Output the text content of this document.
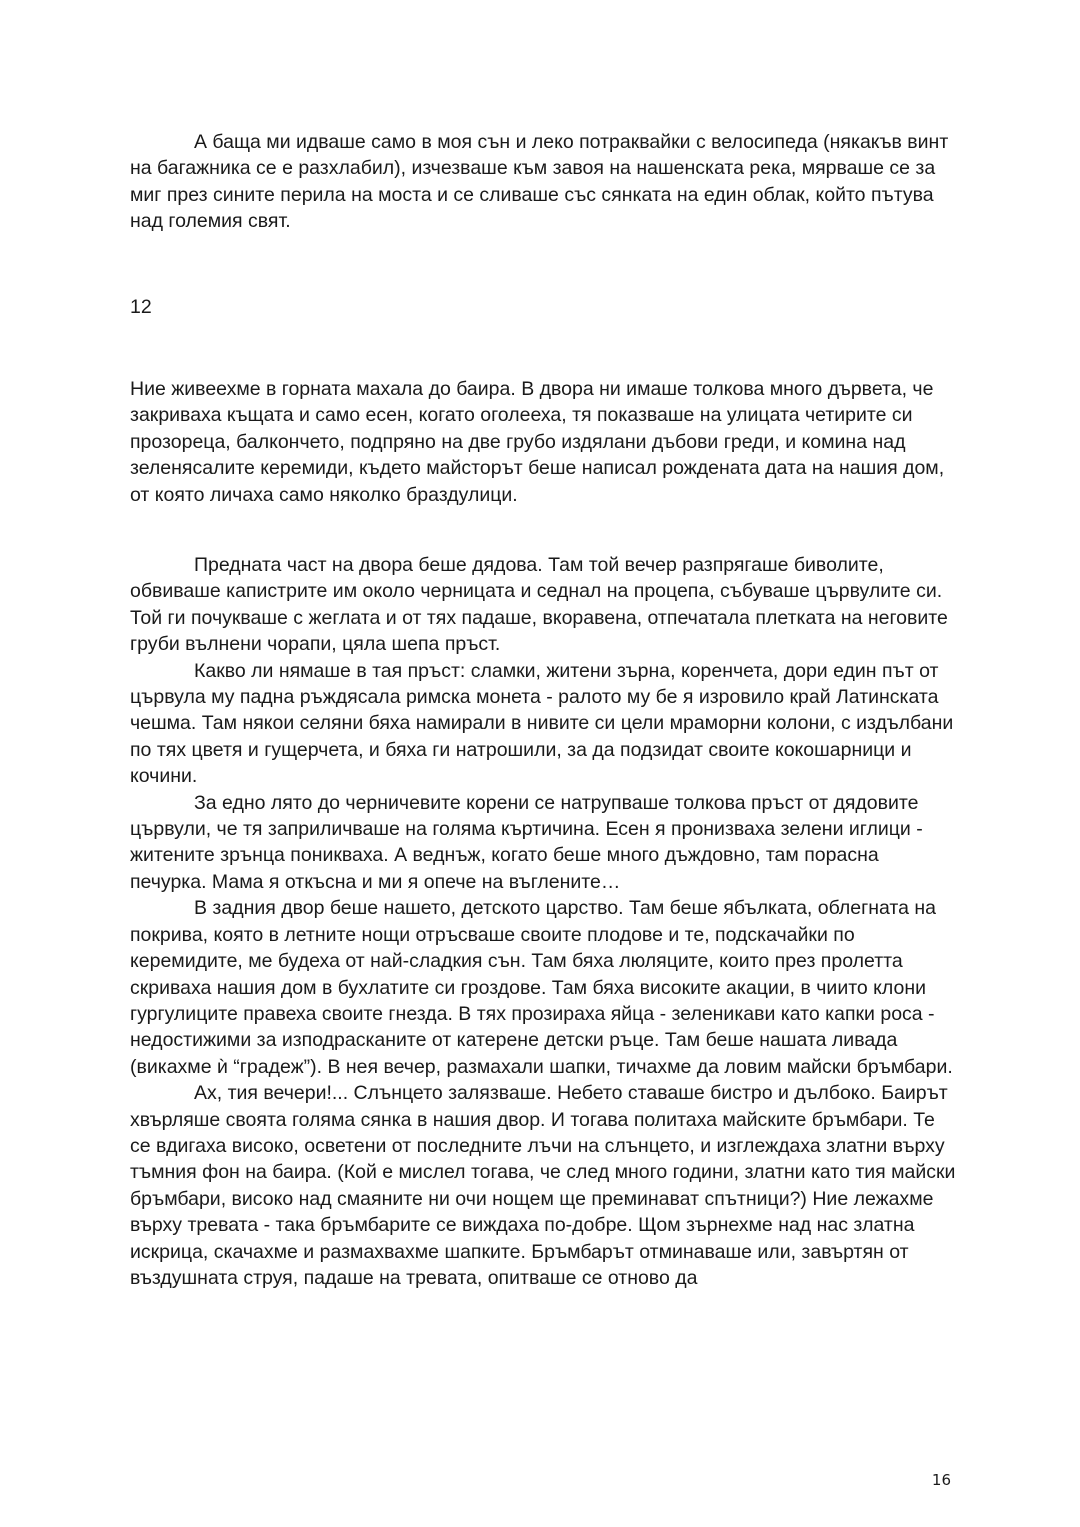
А баща ми идваше само в моя сън и леко потраквайки с велосипеда (някакъв винт на багажника се е разхлабил), изчезваше към завоя на нашенската река, мярваше се за миг през сините перила на моста и се сливаше със сянката на един облак, който пътува над големия свят.

12

Ние живеехме в горната махала до баира. В двора ни имаше толкова много дървета, че закриваха къщата и само есен, когато оголееха, тя показваше на улицата четирите си прозореца, балкончето, подпряно на две грубо издялани дъбови греди, и комина над зеленясалите керемиди, където майсторът беше написал рождената дата на нашия дом, от която личаха само няколко браздулици.

Предната част на двора беше дядова. Там той вечер разпрягаше биволите, обвиваше капистрите им около черницата и седнал на процепа, събуваше цървулите си. Той ги почукваше с жеглата и от тях падаше, вкоравена, отпечатала плетката на неговите груби вълнени чорапи, цяла шепа пръст.

Какво ли нямаше в тая пръст: сламки, житени зърна, коренчета, дори един път от цървула му падна ръждясала римска монета - ралото му бе я изровило край Латинската чешма. Там някои селяни бяха намирали в нивите си цели мраморни колони, с издълбани по тях цветя и гущерчета, и бяха ги натрошили, за да подзидат своите кокошарници и кочини.

За едно лято до черничевите корени се натрупваше толкова пръст от дядовите цървули, че тя заприличваше на голяма къртичина. Есен я пронизваха зелени иглици - житените зрънца поникваха. А веднъж, когато беше много дъждовно, там порасна печурка. Мама я откъсна и ми я опече на въглените…

В задния двор беше нашето, детското царство. Там беше ябълката, облегната на покрива, която в летните нощи отръсваше своите плодове и те, подскачайки по керемидите, ме будеха от най-сладкия сън. Там бяха люляците, които през пролетта скриваха нашия дом в бухлатите си гроздове. Там бяха високите акации, в чиито клони гургулиците правеха своите гнезда. В тях прозираха яйца - зеленикави като капки роса - недостижими за изподрасканите от катерене детски ръце. Там беше нашата ливада (викахме ѝ “градеж”). В нея вечер, размахали шапки, тичахме да ловим майски бръмбари.

Ах, тия вечери!... Слънцето залязваше. Небето ставаше бистро и дълбоко. Баирът хвърляше своята голяма сянка в нашия двор. И тогава политаха майските бръмбари. Те се вдигаха високо, осветени от последните лъчи на слънцето, и изглеждаха златни върху тъмния фон на баира. (Кой е мислел тогава, че след много години, златни като тия майски бръмбари, високо над смаяните ни очи нощем ще преминават спътници?) Ние лежахме върху тревата - така бръмбарите се виждаха по-добре. Щом зърнехме над нас златна искрица, скачахме и размахвахме шапките. Бръмбарът отминаваше или, завъртян от въздушната струя, падаше на тревата, опитваше се отново да

16
